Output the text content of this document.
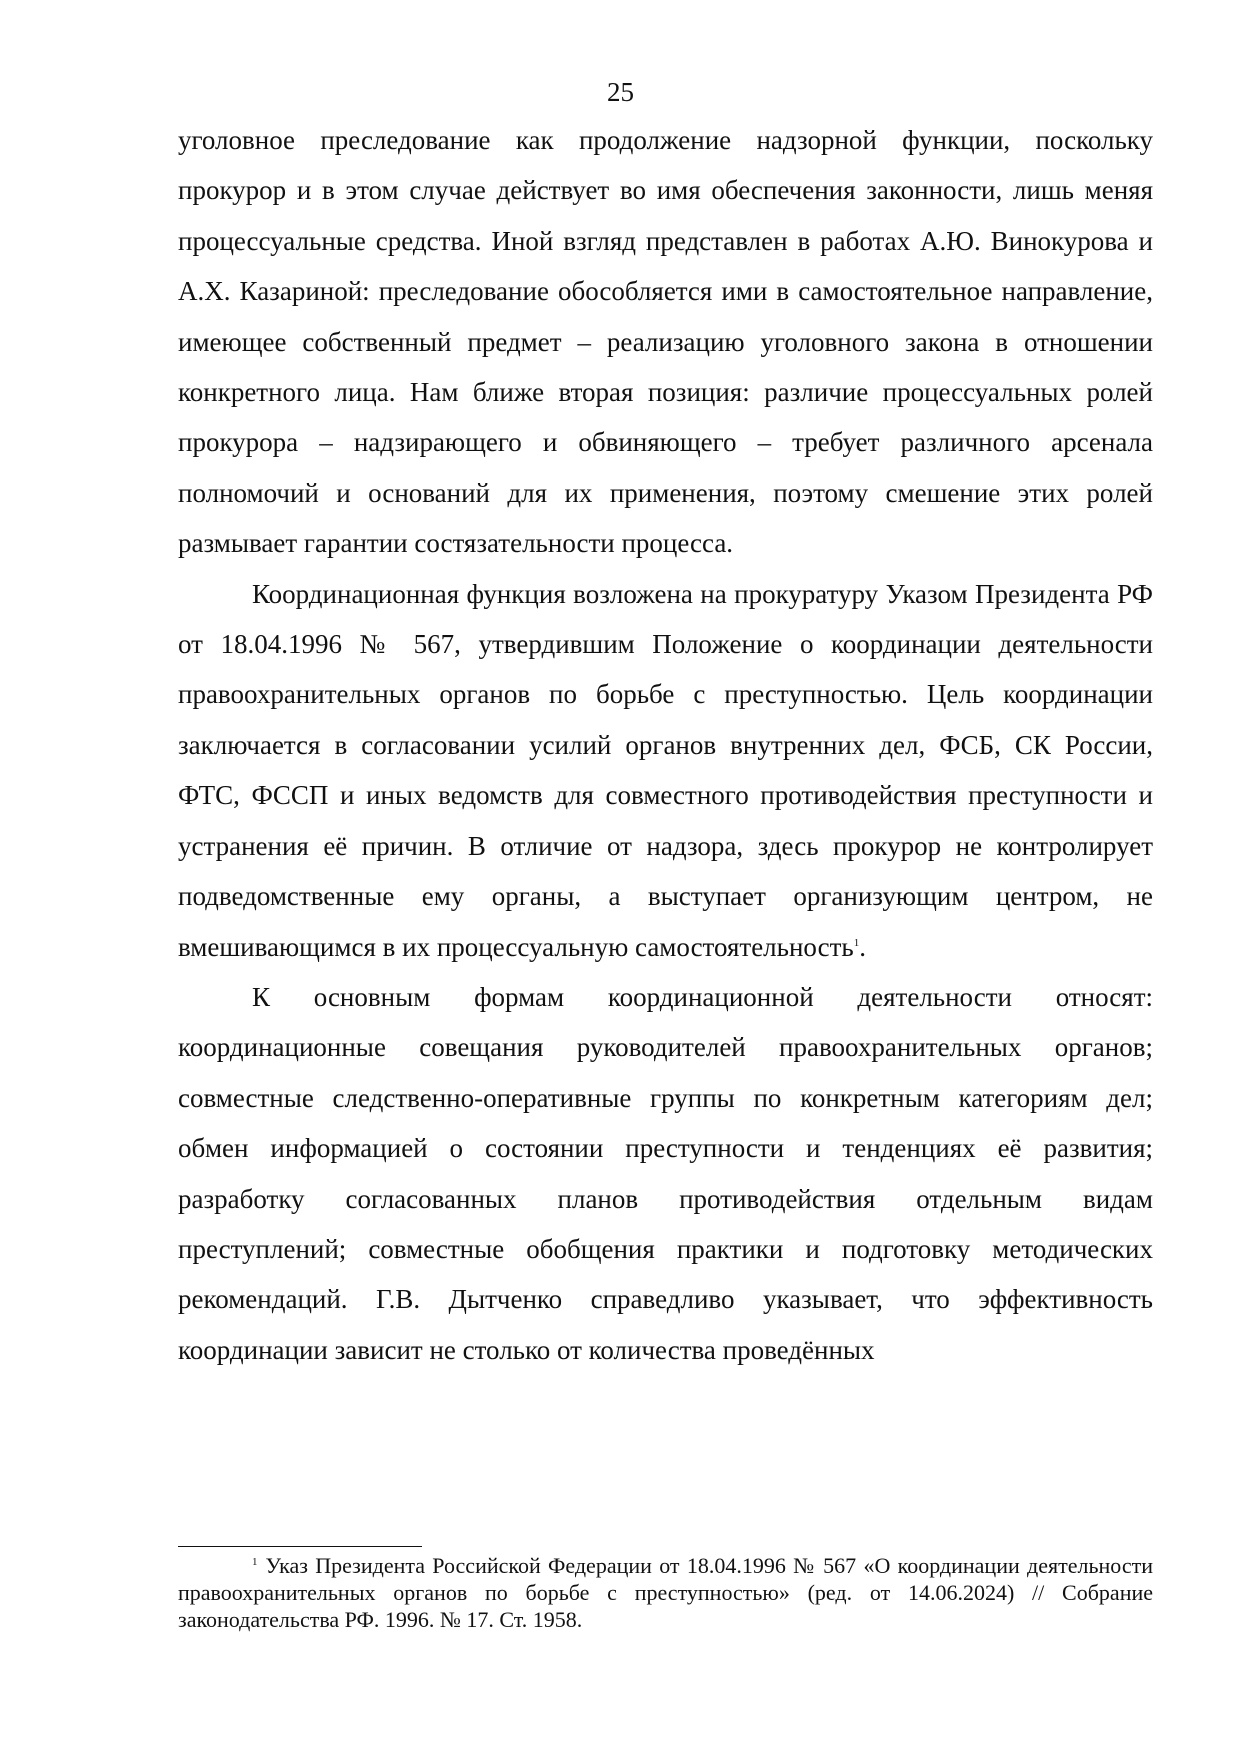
25

уголовное преследование как продолжение надзорной функции, поскольку прокурор и в этом случае действует во имя обеспечения законности, лишь меняя процессуальные средства. Иной взгляд представлен в работах А.Ю. Винокурова и А.Х. Казариной: преследование обособляется ими в самостоятельное направление, имеющее собственный предмет – реализацию уголовного закона в отношении конкретного лица. Нам ближе вторая позиция: различие процессуальных ролей прокурора – надзирающего и обвиняющего – требует различного арсенала полномочий и оснований для их применения, поэтому смешение этих ролей размывает гарантии состязательности процесса.

Координационная функция возложена на прокуратуру Указом Президента РФ от 18.04.1996 № 567, утвердившим Положение о координации деятельности правоохранительных органов по борьбе с преступностью. Цель координации заключается в согласовании усилий органов внутренних дел, ФСБ, СК России, ФТС, ФССП и иных ведомств для совместного противодействия преступности и устранения её причин. В отличие от надзора, здесь прокурор не контролирует подведомственные ему органы, а выступает организующим центром, не вмешивающимся в их процессуальную самостоятельность$^1$.

К основным формам координационной деятельности относят: координационные совещания руководителей правоохранительных органов; совместные следственно-оперативные группы по конкретным категориям дел; обмен информацией о состоянии преступности и тенденциях её развития; разработку согласованных планов противодействия отдельным видам преступлений; совместные обобщения практики и подготовку методических рекомендаций. Г.В. Дытченко справедливо указывает, что эффективность координации зависит не столько от количества проведённых

$^1$ Указ Президента Российской Федерации от 18.04.1996 № 567 «О координации деятельности правоохранительных органов по борьбе с преступностью» (ред. от 14.06.2024) // Собрание законодательства РФ. 1996. № 17. Ст. 1958.
